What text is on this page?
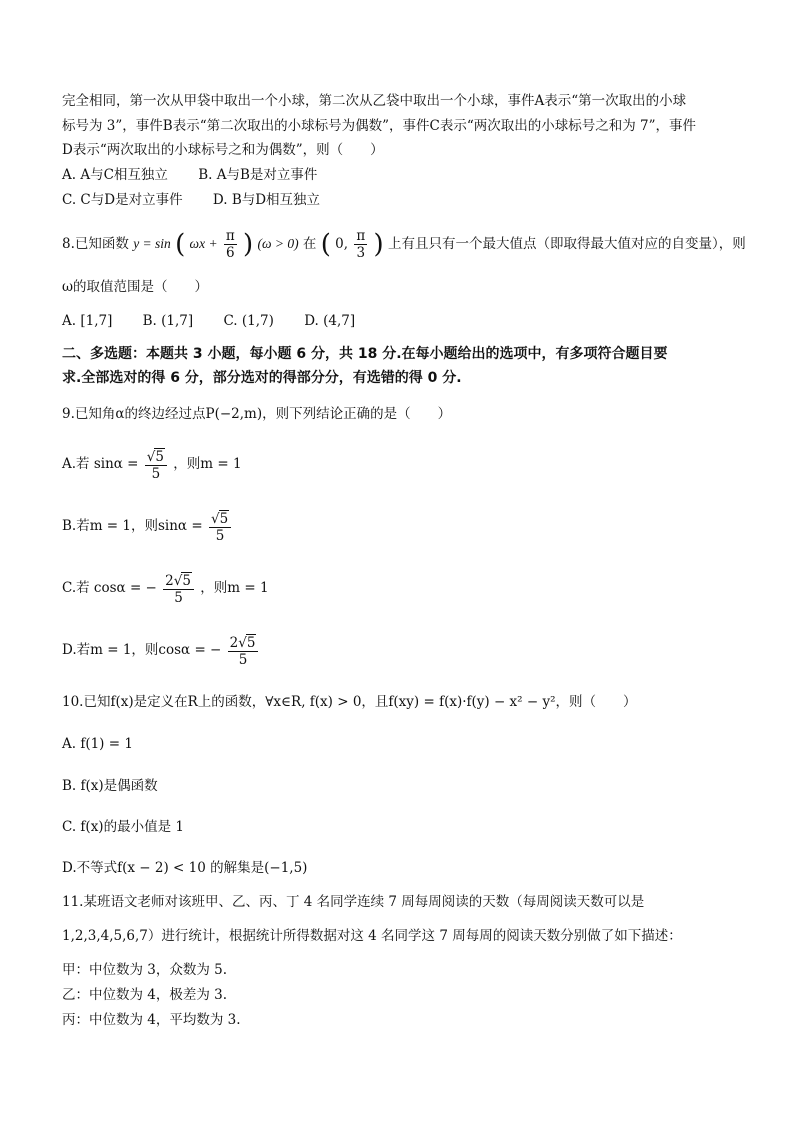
完全相同，第一次从甲袋中取出一个小球，第二次从乙袋中取出一个小球，事件A表示“第一次取出的小球
标号为 3”，事件B表示“第二次取出的小球标号为偶数”，事件C表示“两次取出的小球标号之和为 7”，事件
D表示“两次取出的小球标号之和为偶数”，则（　　）
A. A与C相互独立 B. A与B是对立事件
C. C与D是对立事件 D. B与D相互独立
8.已知函数 y = sin ( $\omega x + \frac{\pi}{6}$ ) (ω > 0) 在 ( 0, $\frac{\pi}{3}$ ) 上有且只有一个最大值点（即取得最大值对应的自变量），则
ω的取值范围是（　　）
A. [1,7] B. (1,7] C. (1,7) D. (4,7]
二、多选题：本题共 3 小题，每小题 6 分，共 18 分.在每小题给出的选项中，有多项符合题目要
求.全部选对的得 6 分，部分选对的得部分分，有选错的得 0 分.
9.已知角α的终边经过点P(−2,m)，则下列结论正确的是（　　）
A.若 $\sin\alpha = \frac{√5}{5}$ ，则m = 1
B.若m = 1，则$\sin\alpha = \frac{√5}{5}$
C.若 cosα = − $\frac{2√5}{5}$ ，则m = 1
D.若m = 1，则cosα = − $\frac{2√5}{5}$
10.已知f(x)是定义在R上的函数，∀x∈R, f(x) > 0，且f(xy) = f(x)·f(y) − x² − y²，则（　　）
A. f(1) = 1
B. f(x)是偶函数
C. f(x)的最小值是 1
D.不等式f(x − 2) < 10 的解集是(−1,5)
11.某班语文老师对该班甲、乙、丙、丁 4 名同学连续 7 周每周阅读的天数（每周阅读天数可以是
1,2,3,4,5,6,7）进行统计，根据统计所得数据对这 4 名同学这 7 周每周的阅读天数分别做了如下描述：
甲：中位数为 3，众数为 5.
乙：中位数为 4，极差为 3.
丙：中位数为 4，平均数为 3.
